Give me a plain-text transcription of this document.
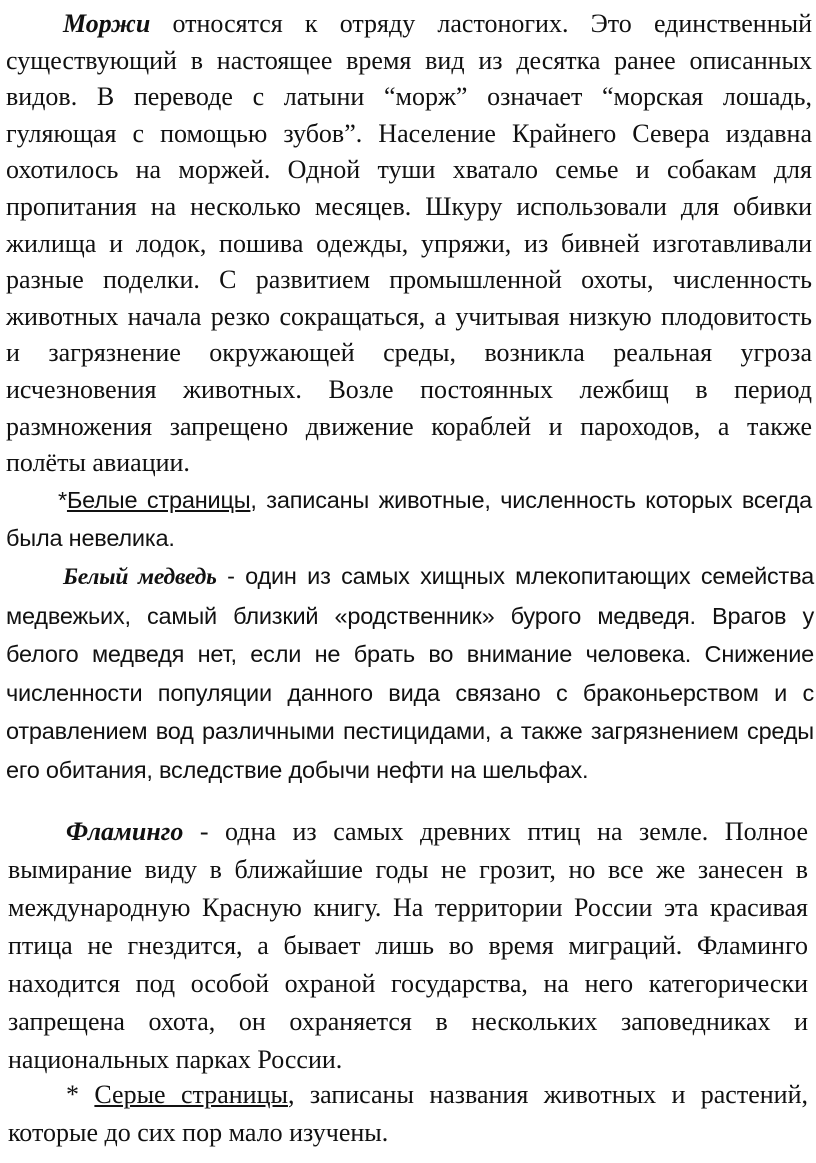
Моржи относятся к отряду ластоногих. Это единственный существующий в настоящее время вид из десятка ранее описанных видов. В переводе с латыни “морж” означает “морская лошадь, гуляющая с помощью зубов”. Население Крайнего Севера издавна охотилось на моржей. Одной туши хватало семье и собакам для пропитания на несколько месяцев. Шкуру использовали для обивки жилища и лодок, пошива одежды, упряжи, из бивней изготавливали разные поделки. С развитием промышленной охоты, численность животных начала резко сокращаться, а учитывая низкую плодовитость и загрязнение окружающей среды, возникла реальная угроза исчезновения животных. Возле постоянных лежбищ в период размножения запрещено движение кораблей и пароходов, а также полёты авиации.

*Белые страницы, записаны животные, численность которых всегда была невелика.

Белый медведь - один из самых хищных млекопитающих семейства медвежьих, самый близкий «родственник» бурого медведя. Врагов у белого медведя нет, если не брать во внимание человека. Снижение численности популяции данного вида связано с браконьерством и с отравлением вод различными пестицидами, а также загрязнением среды его обитания, вследствие добычи нефти на шельфах.

Фламинго - одна из самых древних птиц на земле. Полное вымирание виду в ближайшие годы не грозит, но все же занесен в международную Красную книгу. На территории России эта красивая птица не гнездится, а бывает лишь во время миграций. Фламинго находится под особой охраной государства, на него категорически запрещена охота, он охраняется в нескольких заповедниках и национальных парках России.

* Серые страницы, записаны названия животных и растений, которые до сих пор мало изучены.
